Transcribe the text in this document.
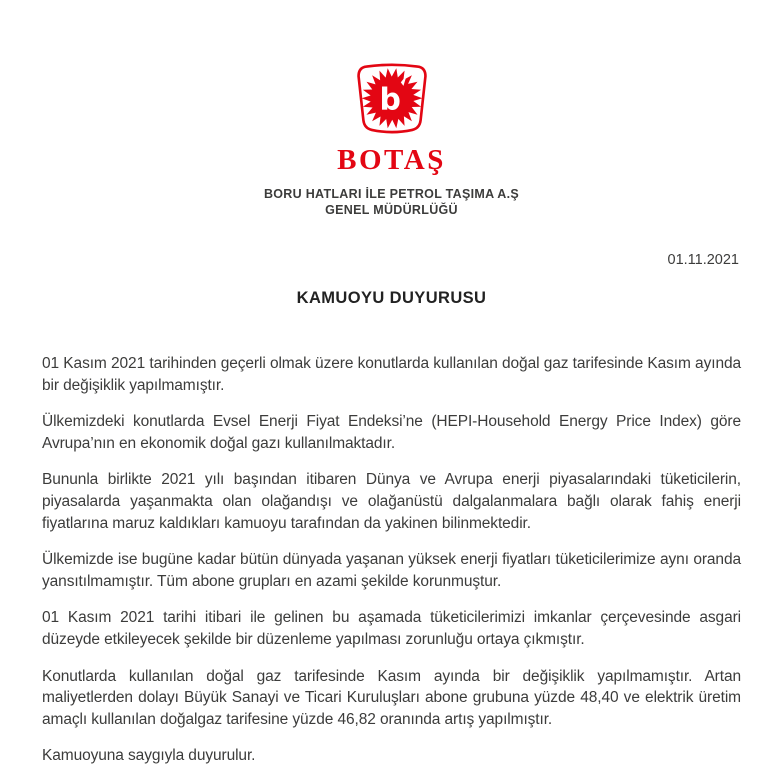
b
BOTAŞ
BORU HATLARI İLE PETROL TAŞIMA A.Ş
GENEL MÜDÜRLÜĞÜ
01.11.2021
KAMUOYU DUYURUSU

01 Kasım 2021 tarihinden geçerli olmak üzere konutlarda kullanılan doğal gaz tarifesinde Kasım ayında bir değişiklik yapılmamıştır.

Ülkemizdeki konutlarda Evsel Enerji Fiyat Endeksi’ne (HEPI-Household Energy Price Index) göre Avrupa’nın en ekonomik doğal gazı kullanılmaktadır.

Bununla birlikte 2021 yılı başından itibaren Dünya ve Avrupa enerji piyasalarındaki tüketicilerin, piyasalarda yaşanmakta olan olağandışı ve olağanüstü dalgalanmalara bağlı olarak fahiş enerji fiyatlarına maruz kaldıkları kamuoyu tarafından da yakinen bilinmektedir.

Ülkemizde ise bugüne kadar bütün dünyada yaşanan yüksek enerji fiyatları tüketicilerimize aynı oranda yansıtılmamıştır. Tüm abone grupları en azami şekilde korunmuştur.

01 Kasım 2021 tarihi itibari ile gelinen bu aşamada tüketicilerimizi imkanlar çerçevesinde asgari düzeyde etkileyecek şekilde bir düzenleme yapılması zorunluğu ortaya çıkmıştır.

Konutlarda kullanılan doğal gaz tarifesinde Kasım ayında bir değişiklik yapılmamıştır. Artan maliyetlerden dolayı Büyük Sanayi ve Ticari Kuruluşları abone grubuna yüzde 48,40 ve elektrik üretim amaçlı kullanılan doğalgaz tarifesine yüzde 46,82 oranında artış yapılmıştır.

Kamuoyuna saygıyla duyurulur.
